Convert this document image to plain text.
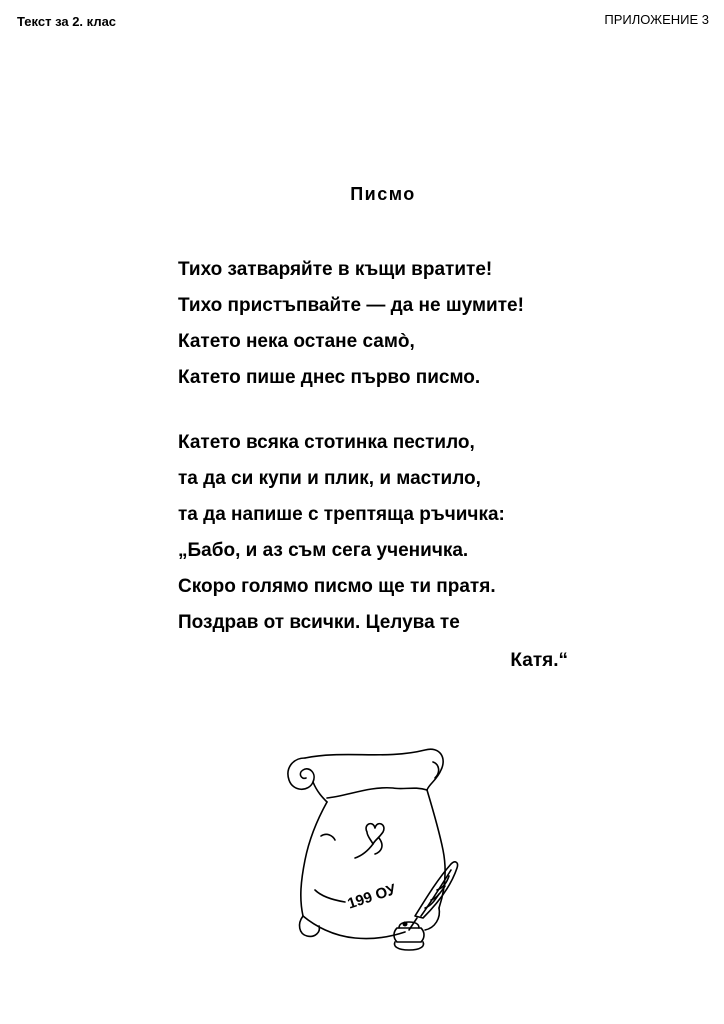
Текст за 2. клас	ПРИЛОЖЕНИЕ 3
Писмо
Тихо затваряйте в къщи вратите!
Тихо пристъпвайте — да не шумите!
Катето нека остане самò,
Катето пише днес първо писмо.
Катето всяка стотинка пестило,
та да си купи и плик, и мастило,
та да напише с трептяща ръчичка:
„Бабо, и аз съм сега ученичка.
Скоро голямо писмо ще ти пратя.
Поздрав от всички. Целува те
Катя.“
199 ОУ
